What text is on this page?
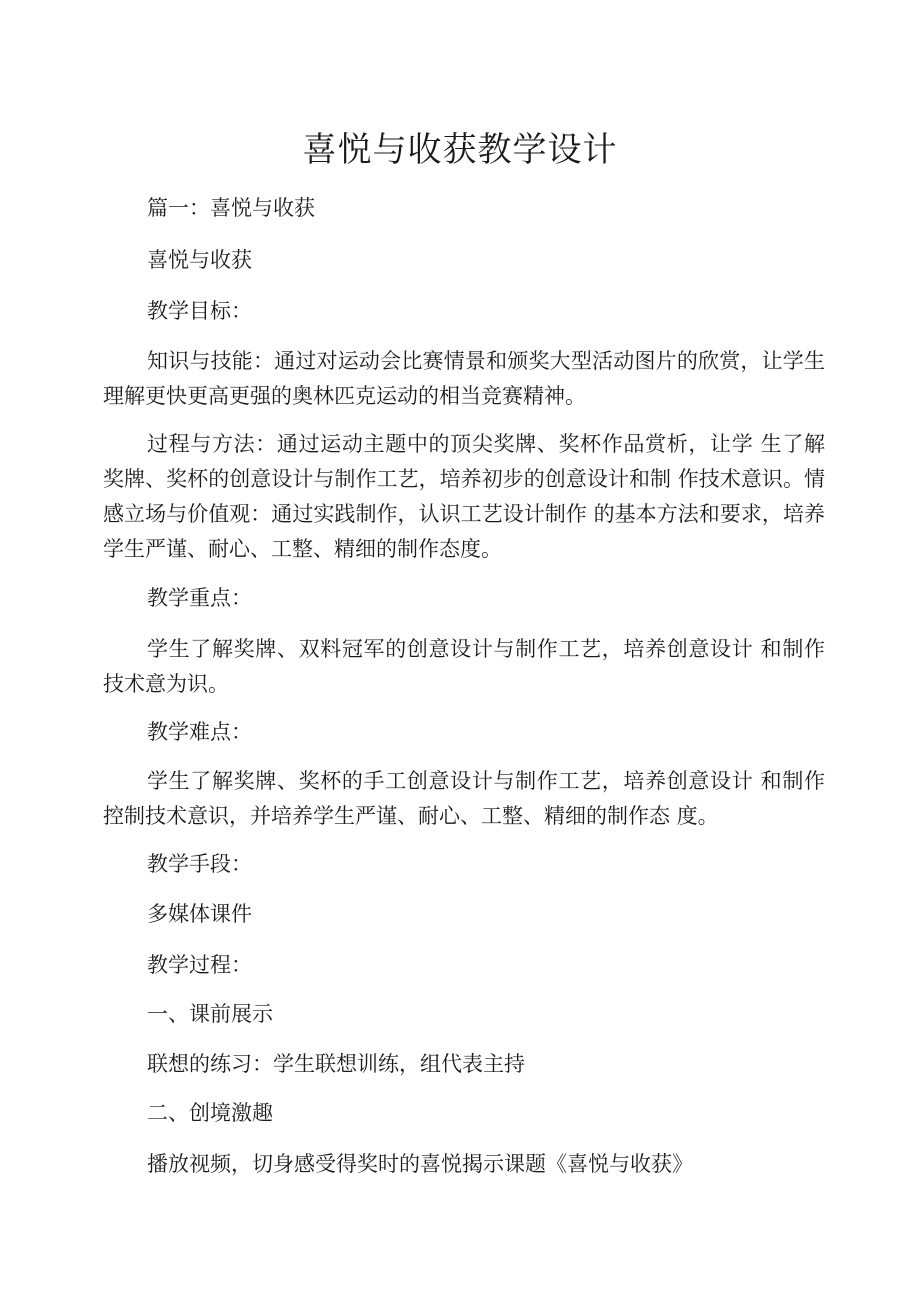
喜悦与收获教学设计

篇一：喜悦与收获

喜悦与收获

教学目标：

知识与技能：通过对运动会比赛情景和颁奖大型活动图片的欣赏，让学生理解更快更高更强的奥林匹克运动的相当竞赛精神。

过程与方法：通过运动主题中的顶尖奖牌、奖杯作品赏析，让学 生了解奖牌、奖杯的创意设计与制作工艺，培养初步的创意设计和制 作技术意识。情感立场与价值观：通过实践制作，认识工艺设计制作 的基本方法和要求，培养学生严谨、耐心、工整、精细的制作态度。

教学重点：

学生了解奖牌、双料冠军的创意设计与制作工艺，培养创意设计 和制作技术意为识。

教学难点：

学生了解奖牌、奖杯的手工创意设计与制作工艺，培养创意设计 和制作控制技术意识，并培养学生严谨、耐心、工整、精细的制作态 度。

教学手段：

多媒体课件

教学过程：

一、课前展示

联想的练习：学生联想训练，组代表主持

二、创境激趣

播放视频，切身感受得奖时的喜悦揭示课题《喜悦与收获》
